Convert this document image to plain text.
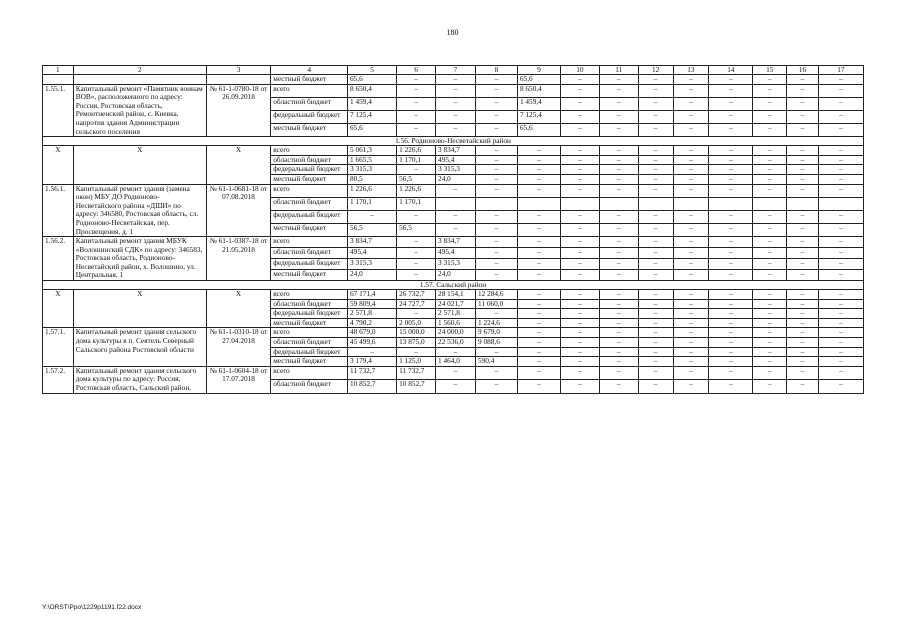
180
1	2	3	4	5	6	7	8	9	10	11	12	13	14	15	16	17
			местный бюджет	65,6	–	–	–	65,6	–	–	–	–	–	–	–	–
1.55.1.	Капитальный ремонт «Памятник воинам ВОВ», расположенного по адресу: Россия, Ростовская область, Ремонтненский район, с. Киевка, напротив здания Администрации сельского поселения	№ 61-1-0780-18 от 26.09.2018	всего	8 650,4	–	–	–	8 650,4	–	–	–	–	–	–	–	–
			областной бюджет	1 459,4	–	–	–	1 459,4	–	–	–	–	–	–	–	–
			федеральный бюджет	7 125,4	–	–	–	7 125,4	–	–	–	–	–	–	–	–
			местный бюджет	65,6	–	–	–	65,6	–	–	–	–	–	–	–	–
1.56. Родионово-Несветайский район																
Х	Х	Х	всего	5 061,3	1 226,6	3 834,7	–	–	–	–	–	–	–	–	–	–
			областной бюджет	1 665,5	1 170,1	495,4	–	–	–	–	–	–	–	–	–	–
			федеральный бюджет	3 315,3	–	3 315,3	–	–	–	–	–	–	–	–	–	–
			местный бюджет	80,5	56,5	24,0	–	–	–	–	–	–	–	–	–	–
1.56.1.	Капитальный ремонт здания (замена окон) МБУ ДО Родионово-Несветайского района «ДШИ» по адресу: 346580, Ростовская область, сл. Родионово-Несветайская, пер. Просвещения, д. 1	№ 61-1-0681-18 от 07.08.2018	всего	1 226,6	1 226,6	–	–	–	–	–	–	–	–	–	–	–
			областной бюджет	1 170,1	1 170,1											
			федеральный бюджет	–	–	–	–	–	–	–	–	–	–	–	–	–
			местный бюджет	56,5	56,5	–	–	–	–	–	–	–	–	–	–	–
1.56.2.	Капитальный ремонт здания МБУК «Волошинский СДК» по адресу: 346583, Ростовская область, Родионово-Несветайский район, х. Волошино, ул. Центральная, 1	№ 61-1-0387-18 от 21.05.2018	всего	3 834,7	–	3 834,7	–	–	–	–	–	–	–	–	–	–
			областной бюджет	495,4	–	495,4	–	–	–	–	–	–	–	–	–	–
			федеральный бюджет	3 315,3	–	3 315,3	–	–	–	–	–	–	–	–	–	–
			местный бюджет	24,0	–	24,0	–	–	–	–	–	–	–	–	–	–
1.57. Сальский район																
Х	Х	Х	всего	67 171,4	26 732,7	28 154,1	12 284,6	–	–	–	–	–	–	–	–	–
			областной бюджет	59 809,4	24 727,7	24 021,7	11 060,0	–	–	–	–	–	–	–	–	–
			федеральный бюджет	2 571,8	–	2 571,8	–	–	–	–	–	–	–	–	–	–
			местный бюджет	4 790,2	2 005,0	1 560,6	1 224,6	–	–	–	–	–	–	–	–	–
1.57.1.	Капитальный ремонт здания сельского дома культуры в п. Сеятель Северный Сальского района Ростовской области	№ 61-1-0310-18 от 27.04.2018	всего	48 679,0	15 000,0	24 000,0	9 679,0	–	–	–	–	–	–	–	–	–
			областной бюджет	45 499,6	13 875,0	22 536,0	9 088,6	–	–	–	–	–	–	–	–	–
			федеральный бюджет	–	–	–	–	–	–	–	–	–	–	–	–	–
			местный бюджет	3 179,4	1 125,0	1 464,0	590,4	–	–	–	–	–	–	–	–	–
1.57.2.	Капитальный ремонт здания сельского дома культуры по адресу: Россия, Ростовская область, Сальский район,	№ 61-1-0604-18 от 17.07.2018	всего	11 732,7	11 732,7	–	–	–	–	–	–	–	–	–	–	–
			областной бюджет	10 852,7	10 852,7	–	–	–	–	–	–	–	–	–	–	–
Y:\ORST\Ppo\1229p1191.f22.docx
